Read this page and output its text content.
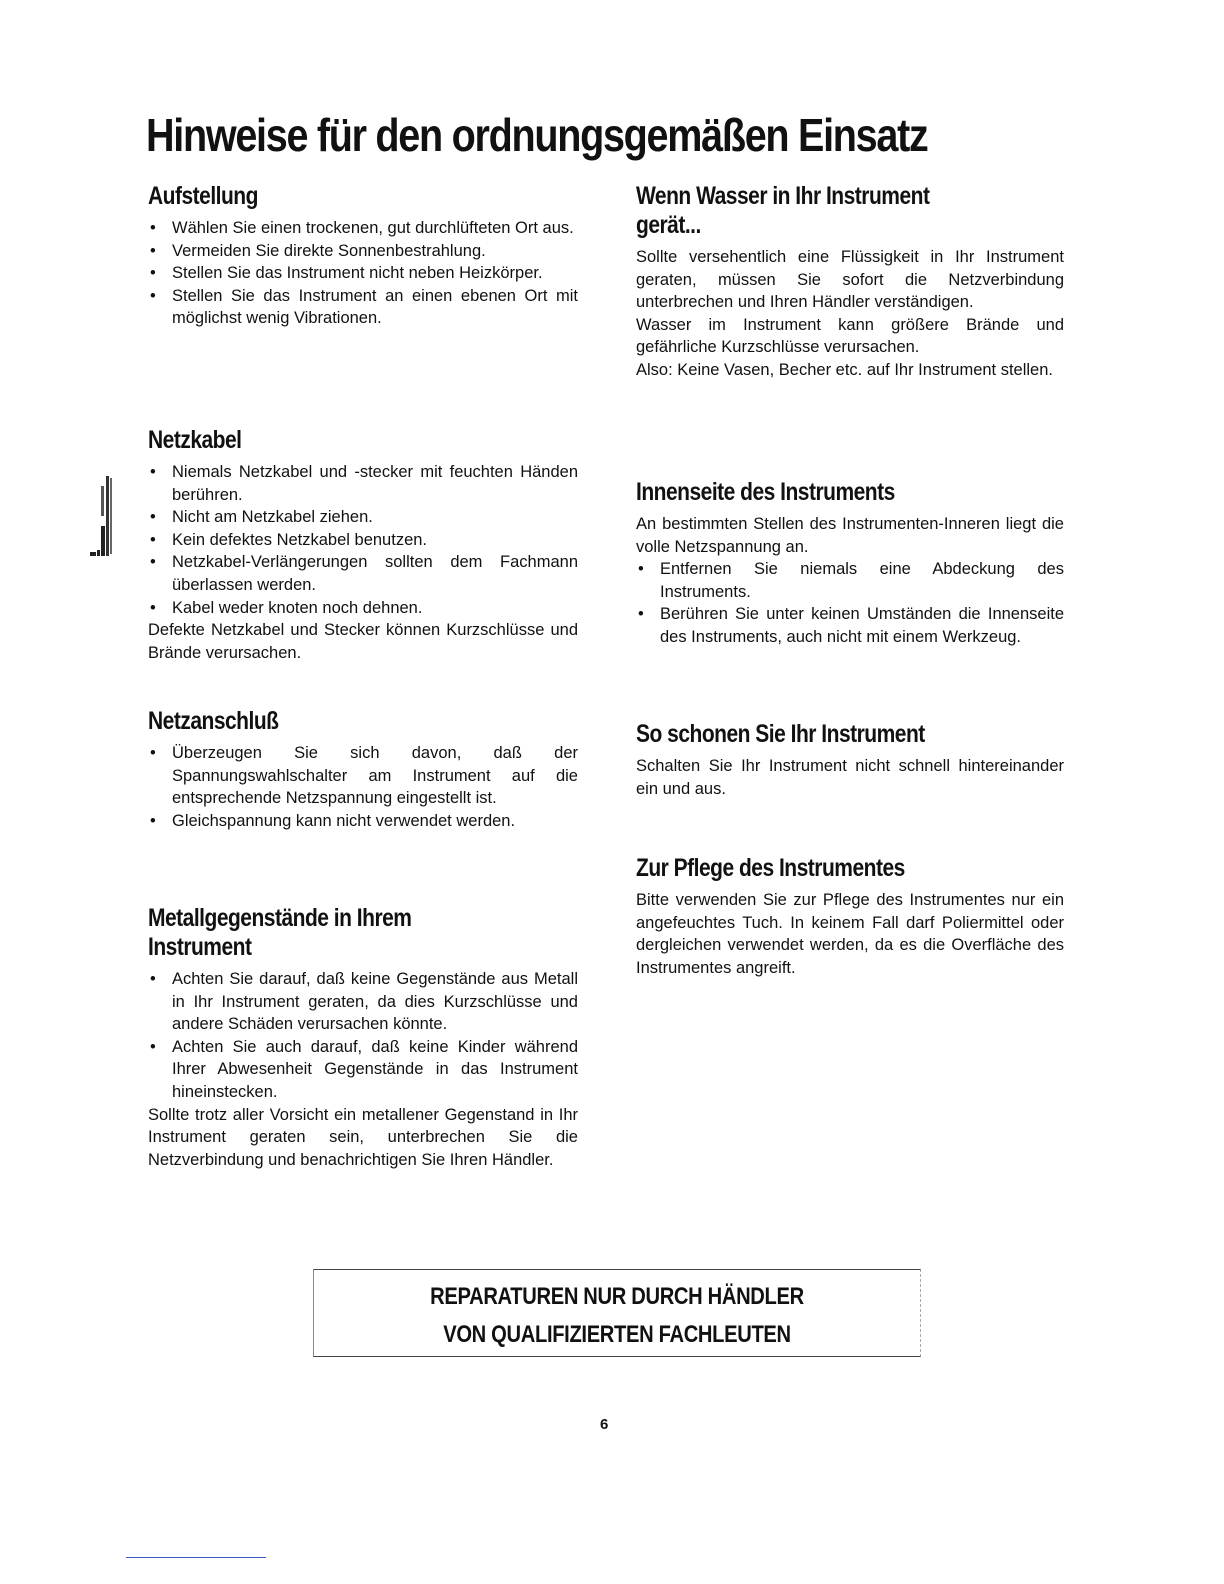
Hinweise für den ordnungsgemäßen Einsatz
Aufstellung
• Wählen Sie einen trockenen, gut durchlüfteten Ort aus.
• Vermeiden Sie direkte Sonnenbestrahlung.
• Stellen Sie das Instrument nicht neben Heizkörper.
• Stellen Sie das Instrument an einen ebenen Ort mit möglichst wenig Vibrationen.
Netzkabel
• Niemals Netzkabel und -stecker mit feuchten Händen berühren.
• Nicht am Netzkabel ziehen.
• Kein defektes Netzkabel benutzen.
• Netzkabel-Verlängerungen sollten dem Fachmann überlassen werden.
• Kabel weder knoten noch dehnen.

Defekte Netzkabel und Stecker können Kurzschlüsse und Brände verursachen.

Netzanschluß
• Überzeugen Sie sich davon, daß der Spannungswahlschalter am Instrument auf die entsprechende Netzspannung eingestellt ist.
• Gleichspannung kann nicht verwendet werden.
Metallgegenstände in Ihrem Instrument
• Achten Sie darauf, daß keine Gegenstände aus Metall in Ihr Instrument geraten, da dies Kurzschlüsse und andere Schäden verursachen könnte.
• Achten Sie auch darauf, daß keine Kinder während Ihrer Abwesenheit Gegenstände in das Instrument hineinstecken.

Sollte trotz aller Vorsicht ein metallener Gegenstand in Ihr Instrument geraten sein, unterbrechen Sie die Netzverbindung und benachrichtigen Sie Ihren Händler.

Wenn Wasser in Ihr Instrument gerät...

Sollte versehentlich eine Flüssigkeit in Ihr Instrument geraten, müssen Sie sofort die Netzverbindung unterbrechen und Ihren Händler verständigen.

Wasser im Instrument kann größere Brände und gefährliche Kurzschlüsse verursachen.

Also: Keine Vasen, Becher etc. auf Ihr Instrument stellen.

Innenseite des Instruments

An bestimmten Stellen des Instrumenten-Inneren liegt die volle Netzspannung an.

• Entfernen Sie niemals eine Abdeckung des Instruments.
• Berühren Sie unter keinen Umständen die Innenseite des Instruments, auch nicht mit einem Werkzeug.
So schonen Sie Ihr Instrument

Schalten Sie Ihr Instrument nicht schnell hintereinander ein und aus.

Zur Pflege des Instrumentes

Bitte verwenden Sie zur Pflege des Instrumentes nur ein angefeuchtes Tuch. In keinem Fall darf Poliermittel oder dergleichen verwendet werden, da es die Overfläche des Instrumentes angreift.

REPARATUREN NUR DURCH HÄNDLER
VON QUALIFIZIERTEN FACHLEUTEN
6
